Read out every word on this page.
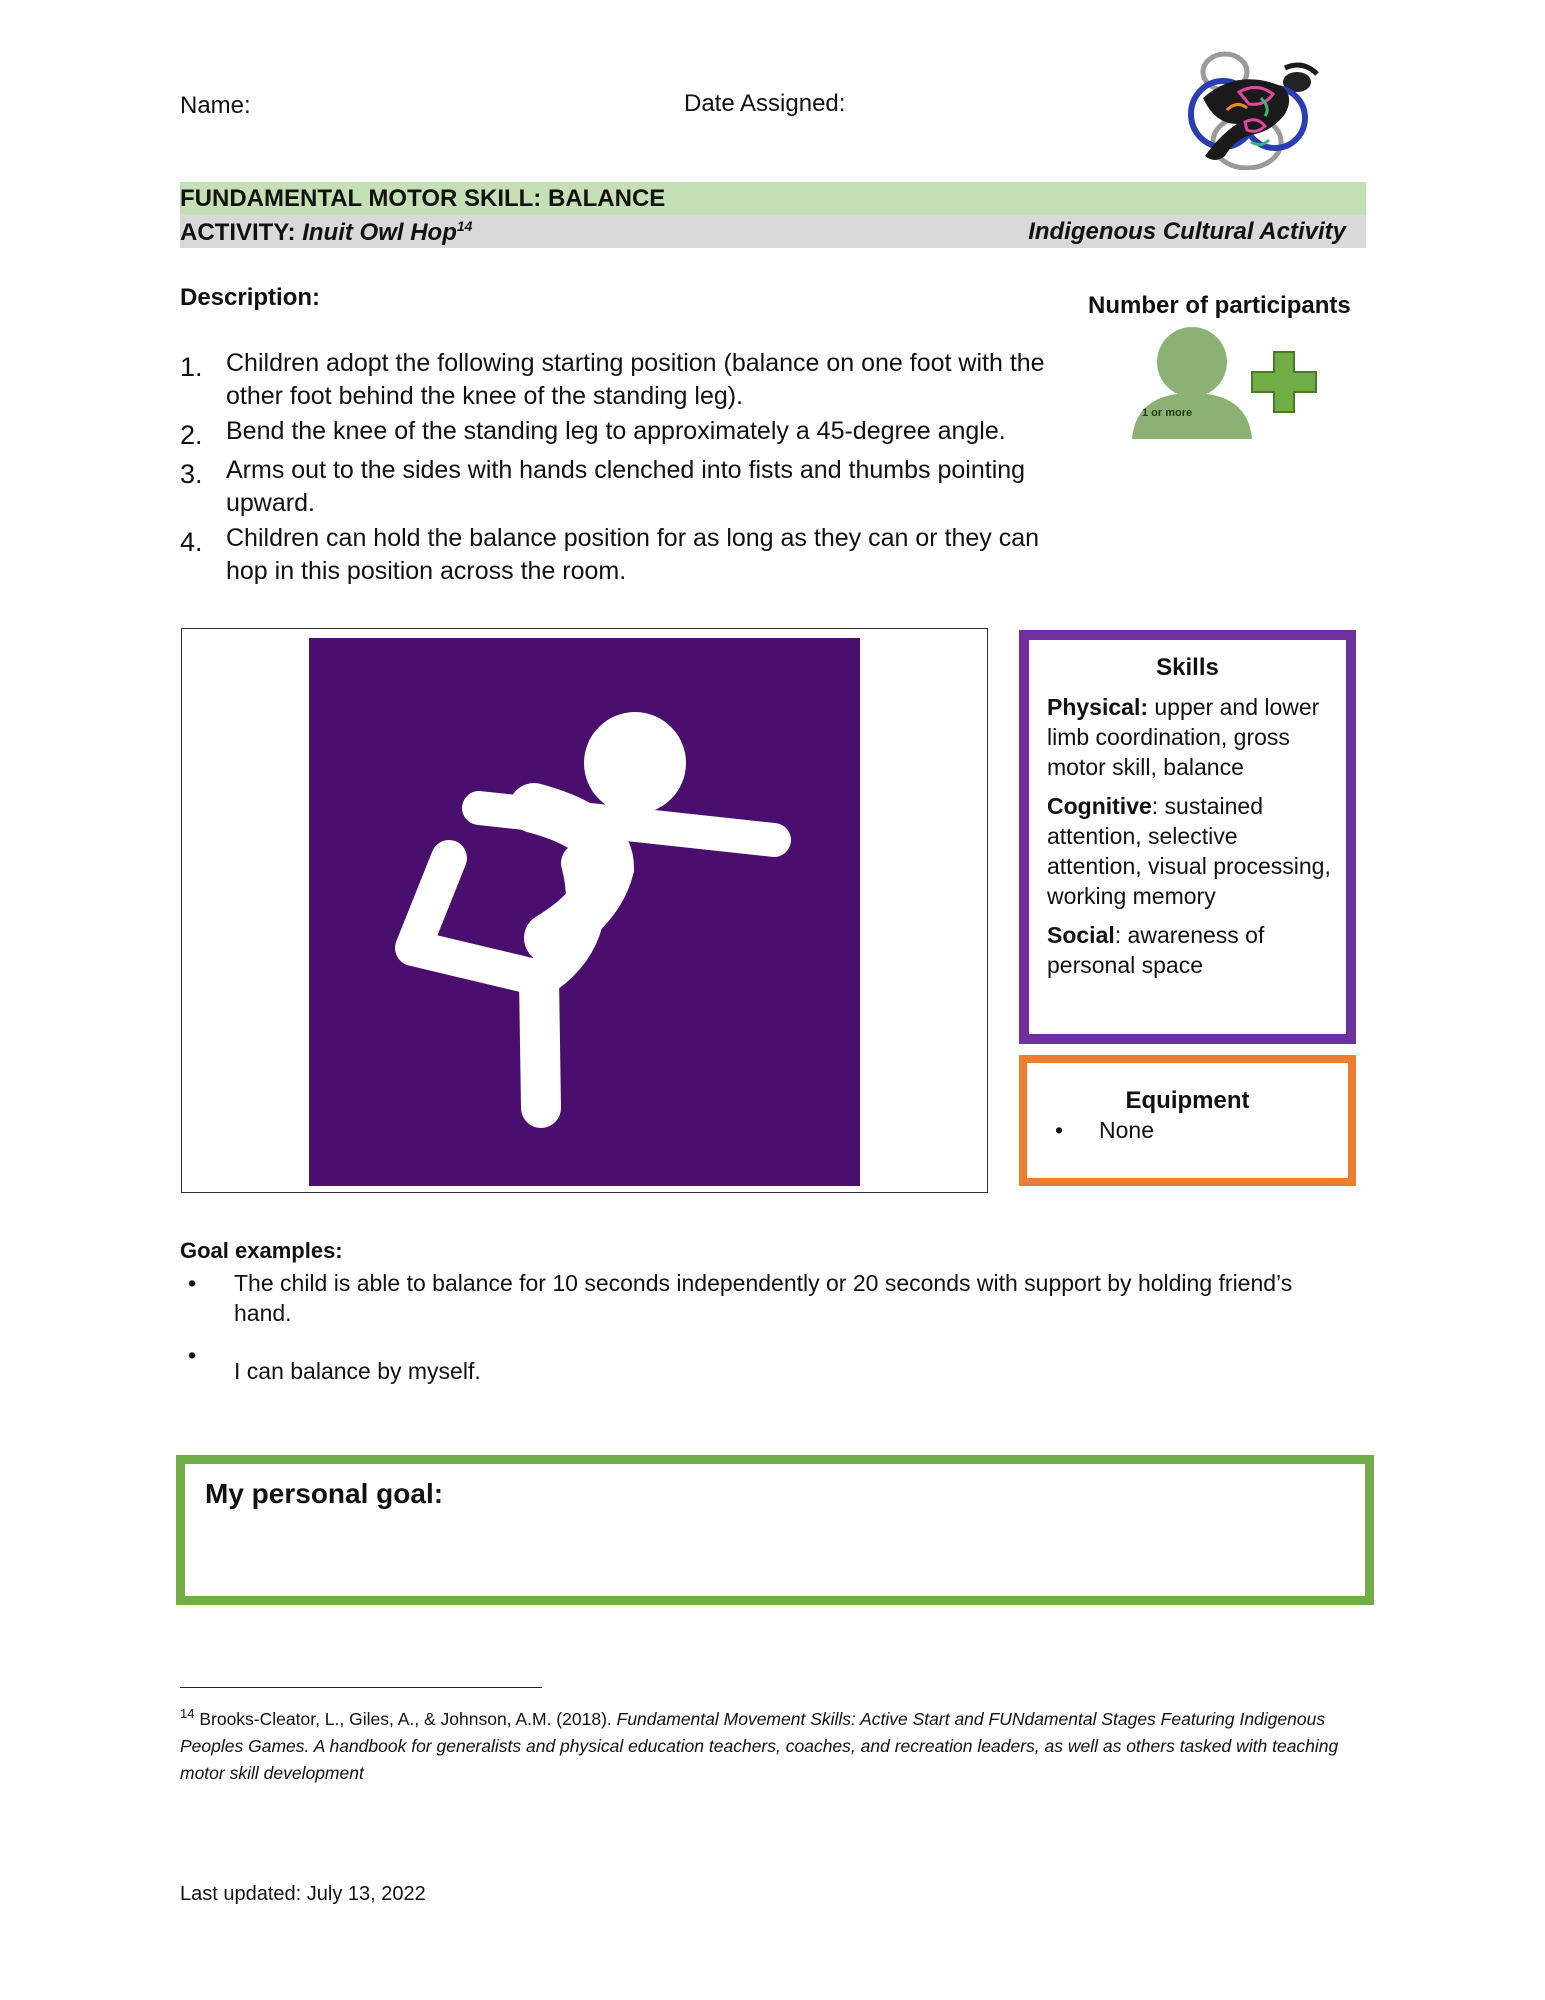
Name:	Date Assigned:
FUNDAMENTAL MOTOR SKILL: BALANCE
ACTIVITY: Inuit Owl Hop$^{14}$	Indigenous Cultural Activity
Description:
1. Children adopt the following starting position (balance on one foot with the other foot behind the knee of the standing leg).
2. Bend the knee of the standing leg to approximately a 45-degree angle.
3. Arms out to the sides with hands clenched into fists and thumbs pointing upward.
4. Children can hold the balance position for as long as they can or they can hop in this position across the room.
Number of participants
1 or more
Skills

Physical: upper and lower limb coordination, gross motor skill, balance

Cognitive: sustained attention, selective attention, visual processing, working memory

Social: awareness of personal space

Equipment
•	None
Goal examples:
•	The child is able to balance for 10 seconds independently or 20 seconds with support by holding friend’s hand.
•
I can balance by myself.
My personal goal:
$^{14}$ Brooks-Cleator, L., Giles, A., & Johnson, A.M. (2018). Fundamental Movement Skills: Active Start and FUNdamental Stages Featuring Indigenous Peoples Games. A handbook for generalists and physical education teachers, coaches, and recreation leaders, as well as others tasked with teaching motor skill development
Last updated: July 13, 2022
